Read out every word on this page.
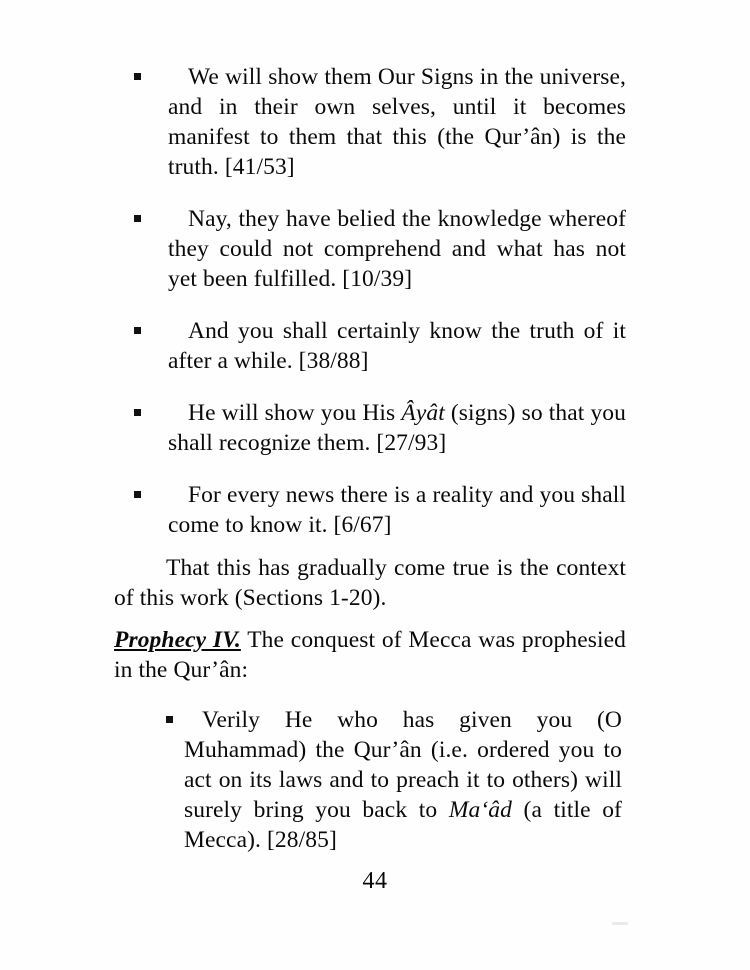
We will show them Our Signs in the universe, and in their own selves, until it becomes manifest to them that this (the Qur’ân) is the truth. [41/53]
Nay, they have belied the knowledge whereof they could not comprehend and what has not yet been fulfilled. [10/39]
And you shall certainly know the truth of it after a while. [38/88]
He will show you His Âyât (signs) so that you shall recognize them. [27/93]
For every news there is a reality and you shall come to know it. [6/67]

That this has gradually come true is the context of this work (Sections 1-20).

Prophecy IV. The conquest of Mecca was prophesied in the Qur’ân:

Verily He who has given you (O Muhammad) the Qur’ân (i.e. ordered you to act on its laws and to preach it to others) will surely bring you back to Maʻâd (a title of Mecca). [28/85]
44
